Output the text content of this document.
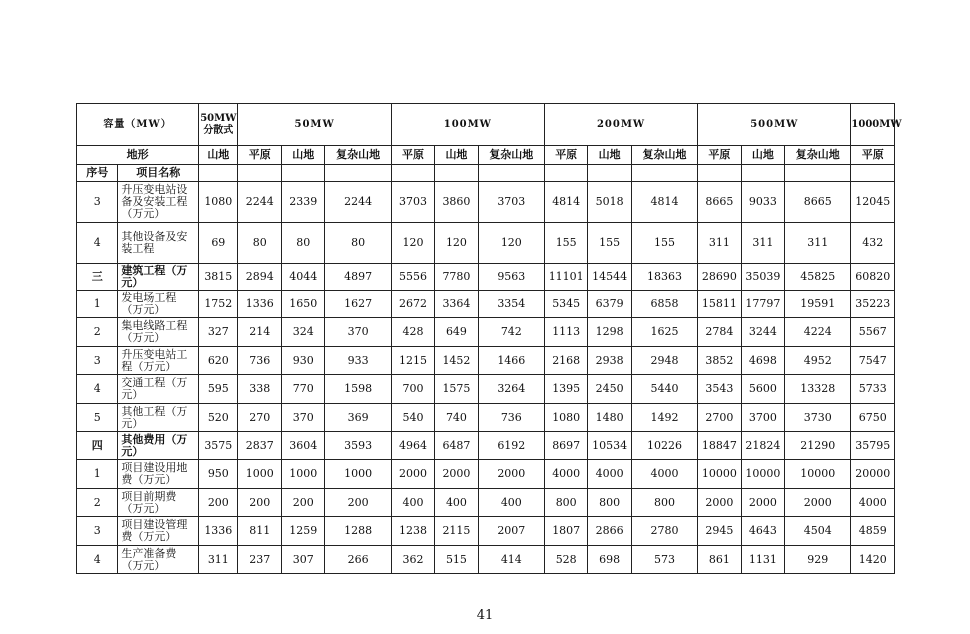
容量（MW）		50MW分散式	50MW			100MW			200MW			500MW			1000MW
地形		山地	平原	山地	复杂山地	平原	山地	复杂山地	平原	山地	复杂山地	平原	山地	复杂山地	平原
序号	项目名称														
3	升压变电站设备及安装工程（万元）	1080	2244	2339	2244	3703	3860	3703	4814	5018	4814	8665	9033	8665	12045
4	其他设备及安装工程	69	80	80	80	120	120	120	155	155	155	311	311	311	432
三	建筑工程（万元）	3815	2894	4044	4897	5556	7780	9563	11101	14544	18363	28690	35039	45825	60820
1	发电场工程（万元）	1752	1336	1650	1627	2672	3364	3354	5345	6379	6858	15811	17797	19591	35223
2	集电线路工程（万元）	327	214	324	370	428	649	742	1113	1298	1625	2784	3244	4224	5567
3	升压变电站工程（万元）	620	736	930	933	1215	1452	1466	2168	2938	2948	3852	4698	4952	7547
4	交通工程（万元）	595	338	770	1598	700	1575	3264	1395	2450	5440	3543	5600	13328	5733
5	其他工程（万元）	520	270	370	369	540	740	736	1080	1480	1492	2700	3700	3730	6750
四	其他费用（万元）	3575	2837	3604	3593	4964	6487	6192	8697	10534	10226	18847	21824	21290	35795
1	项目建设用地费（万元）	950	1000	1000	1000	2000	2000	2000	4000	4000	4000	10000	10000	10000	20000
2	项目前期费（万元）	200	200	200	200	400	400	400	800	800	800	2000	2000	2000	4000
3	项目建设管理费（万元）	1336	811	1259	1288	1238	2115	2007	1807	2866	2780	2945	4643	4504	4859
4	生产准备费（万元）	311	237	307	266	362	515	414	528	698	573	861	1131	929	1420
41
